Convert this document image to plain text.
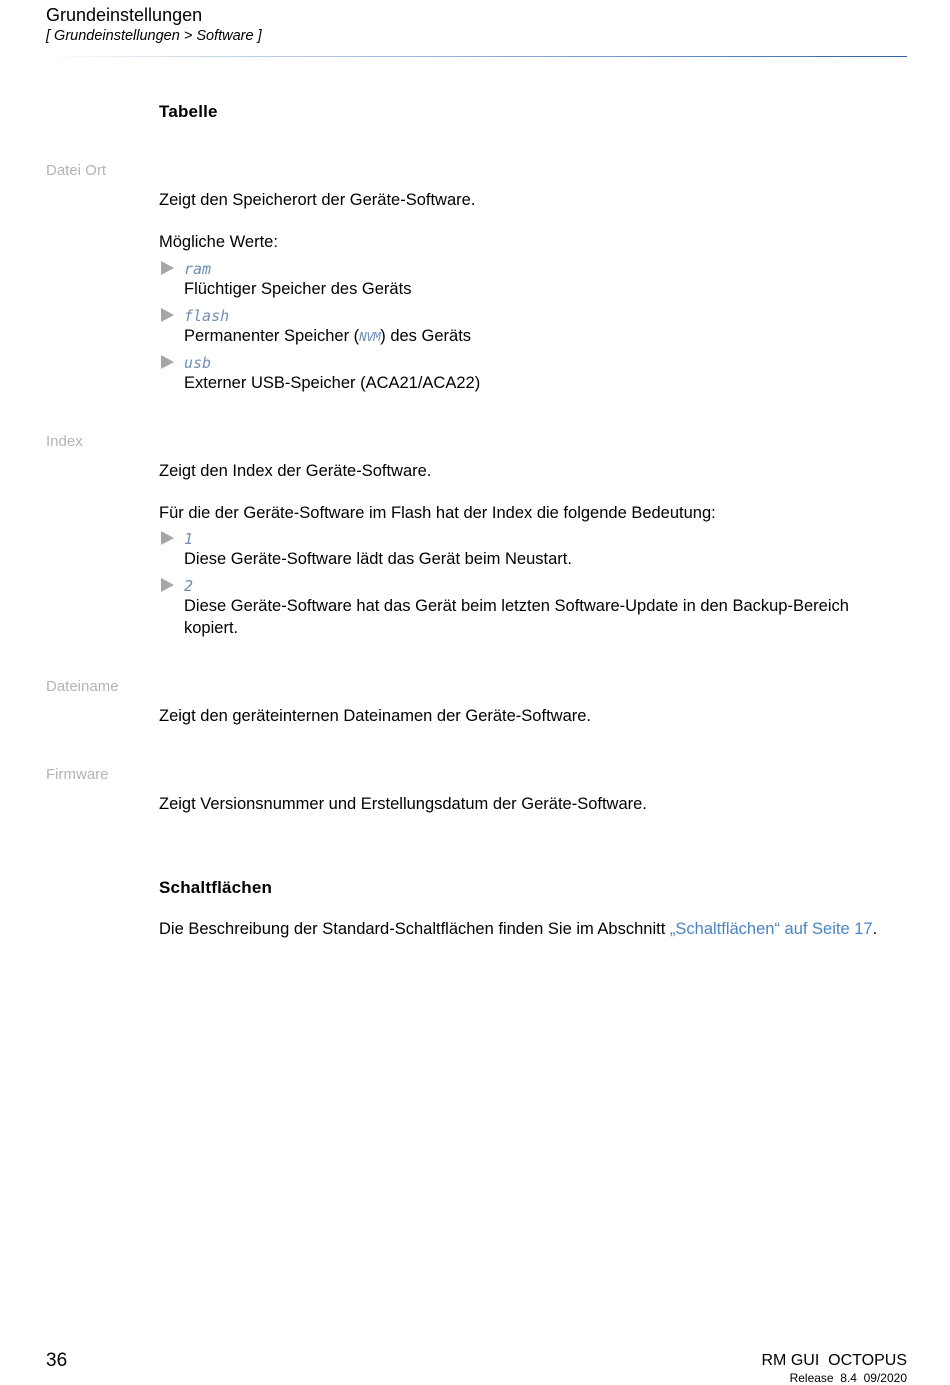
Grundeinstellungen
[ Grundeinstellungen > Software ]
Tabelle
Datei Ort
Zeigt den Speicherort der Geräte-Software.
Mögliche Werte:
ram
Flüchtiger Speicher des Geräts
flash
Permanenter Speicher (NVM) des Geräts
usb
Externer USB-Speicher (ACA21/ACA22)
Index
Zeigt den Index der Geräte-Software.
Für die der Geräte-Software im Flash hat der Index die folgende Bedeutung:
1
Diese Geräte-Software lädt das Gerät beim Neustart.
2
Diese Geräte-Software hat das Gerät beim letzten Software-Update in den Backup-Bereich
kopiert.
Dateiname
Zeigt den geräteinternen Dateinamen der Geräte-Software.
Firmware
Zeigt Versionsnummer und Erstellungsdatum der Geräte-Software.
Schaltflächen
Die Beschreibung der Standard-Schaltflächen finden Sie im Abschnitt „Schaltflächen“ auf Seite 17.
36	RM GUI  OCTOPUS
Release  8.4  09/2020
